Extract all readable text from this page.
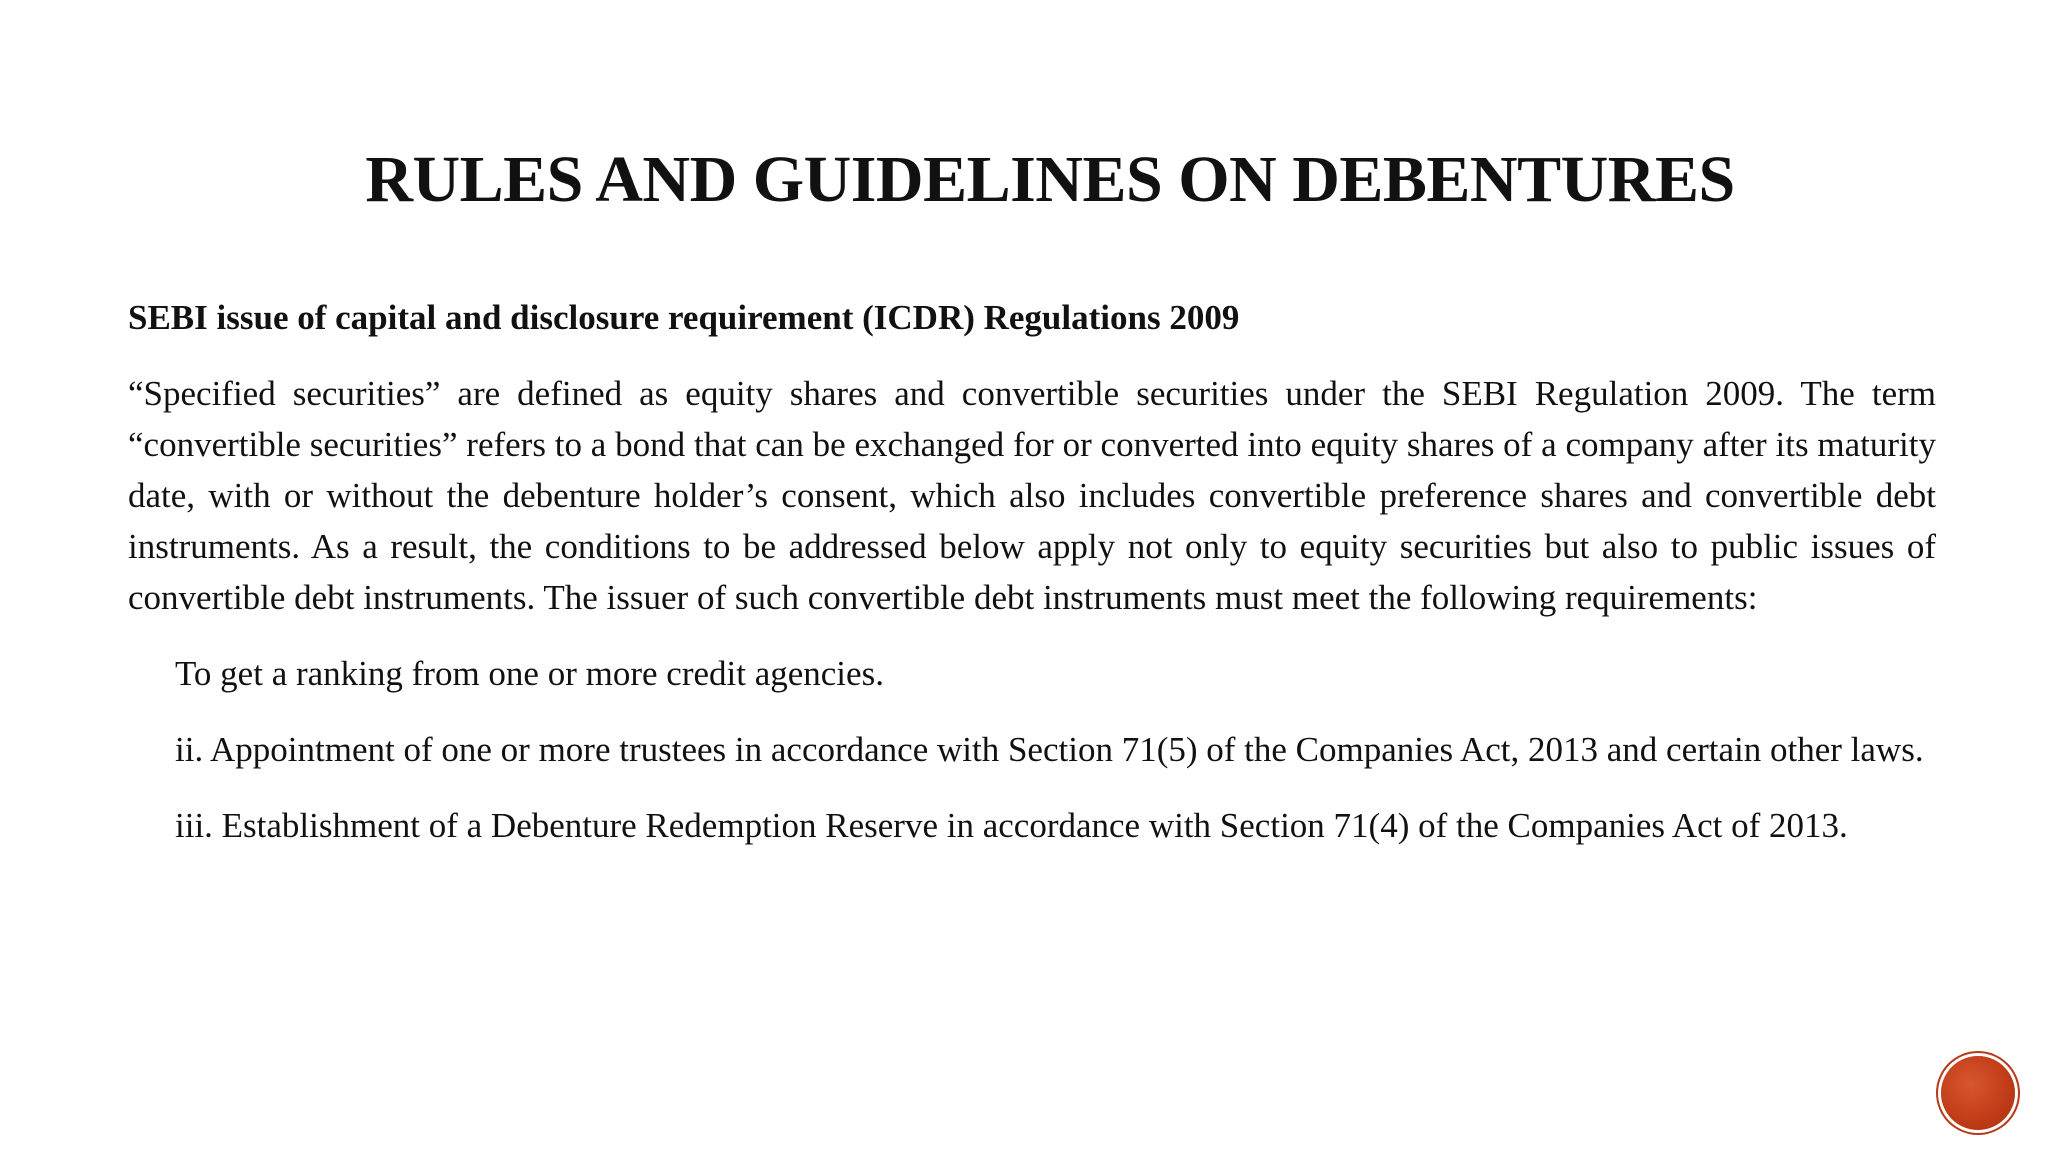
RULES AND GUIDELINES ON DEBENTURES

SEBI issue of capital and disclosure requirement (ICDR) Regulations 2009

“Specified securities” are defined as equity shares and convertible securities under the SEBI Regulation 2009. The term “convertible securities” refers to a bond that can be exchanged for or converted into equity shares of a company after its maturity date, with or without the debenture holder’s consent, which also includes convertible preference shares and convertible debt instruments. As a result, the conditions to be addressed below apply not only to equity securities but also to public issues of convertible debt instruments. The issuer of such convertible debt instruments must meet the following requirements:

To get a ranking from one or more credit agencies.

ii. Appointment of one or more trustees in accordance with Section 71(5) of the Companies Act, 2013 and certain other laws.

iii. Establishment of a Debenture Redemption Reserve in accordance with Section 71(4) of the Companies Act of 2013.
